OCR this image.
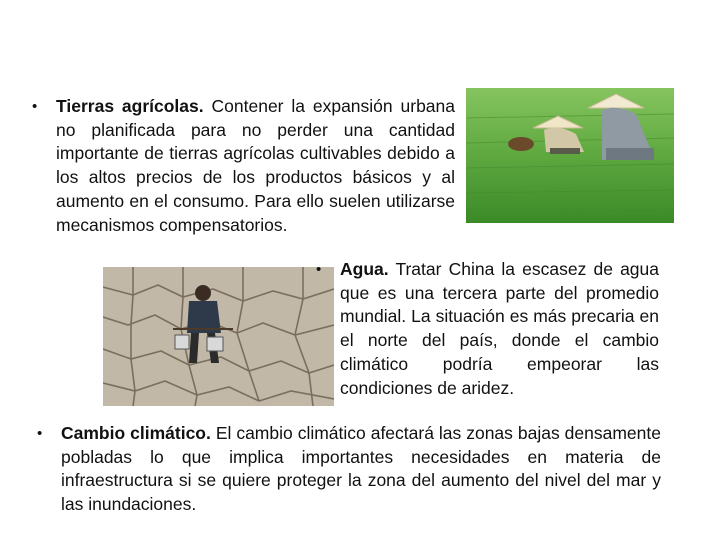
• Tierras agrícolas. Contener la expansión urbana no planificada para no perder una cantidad importante de tierras agrícolas cultivables debido a los altos precios de los productos básicos y al aumento en el consumo. Para ello suelen utilizarse mecanismos compensatorios.
• Agua. Tratar China la escasez de agua que es una tercera parte del promedio mundial. La situación es más precaria en el norte del país, donde el cambio climático podría empeorar las condiciones de aridez.
• Cambio climático. El cambio climático afectará las zonas bajas densamente pobladas lo que implica importantes necesidades en materia de infraestructura si se quiere proteger la zona del aumento del nivel del mar y las inundaciones.
